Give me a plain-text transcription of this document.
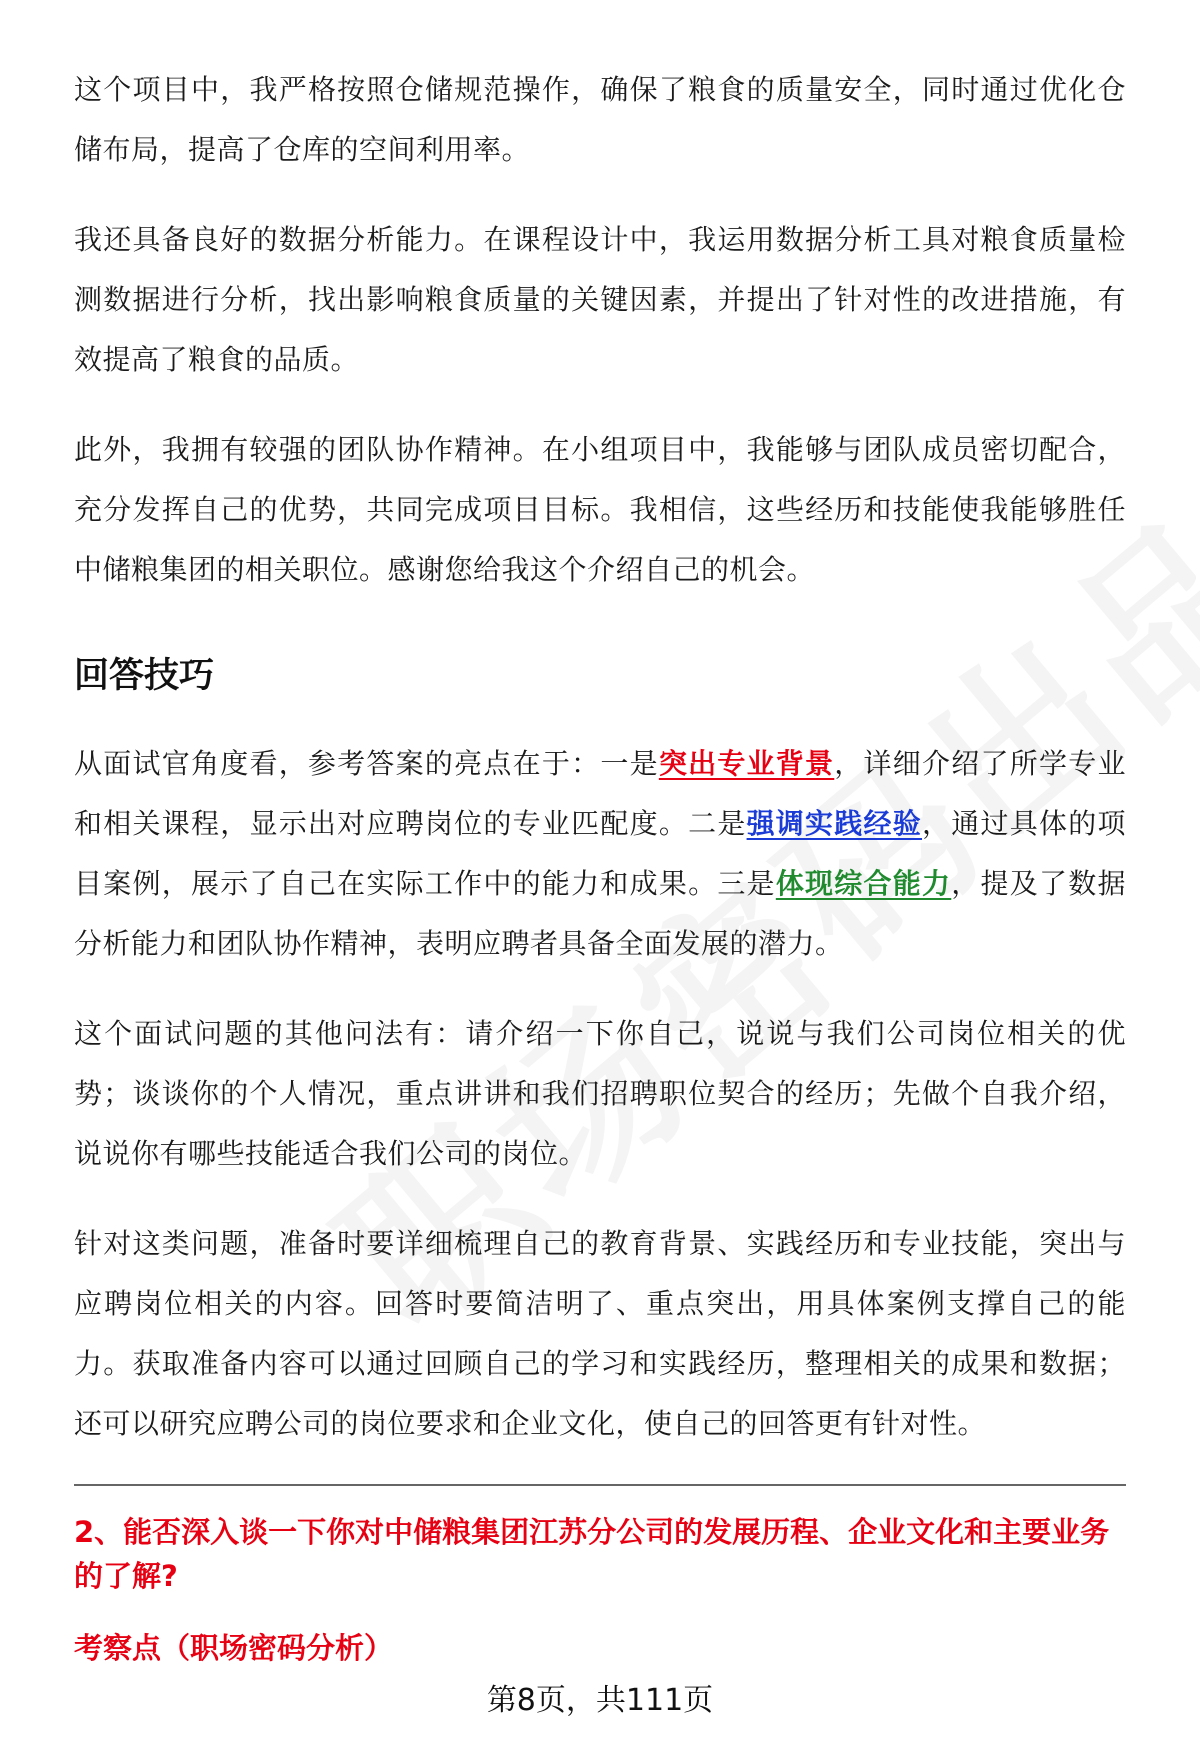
这个项目中，我严格按照仓储规范操作，确保了粮食的质量安全，同时通过优化仓储布局，提高了仓库的空间利用率。

我还具备良好的数据分析能力。在课程设计中，我运用数据分析工具对粮食质量检测数据进行分析，找出影响粮食质量的关键因素，并提出了针对性的改进措施，有效提高了粮食的品质。

此外，我拥有较强的团队协作精神。在小组项目中，我能够与团队成员密切配合，充分发挥自己的优势，共同完成项目目标。我相信，这些经历和技能使我能够胜任中储粮集团的相关职位。感谢您给我这个介绍自己的机会。

回答技巧

从面试官角度看，参考答案的亮点在于：一是突出专业背景，详细介绍了所学专业和相关课程，显示出对应聘岗位的专业匹配度。二是强调实践经验，通过具体的项目案例，展示了自己在实际工作中的能力和成果。三是体现综合能力，提及了数据分析能力和团队协作精神，表明应聘者具备全面发展的潜力。

这个面试问题的其他问法有：请介绍一下你自己，说说与我们公司岗位相关的优势；谈谈你的个人情况，重点讲讲和我们招聘职位契合的经历；先做个自我介绍，说说你有哪些技能适合我们公司的岗位。

针对这类问题，准备时要详细梳理自己的教育背景、实践经历和专业技能，突出与应聘岗位相关的内容。回答时要简洁明了、重点突出，用具体案例支撑自己的能力。获取准备内容可以通过回顾自己的学习和实践经历，整理相关的成果和数据；还可以研究应聘公司的岗位要求和企业文化，使自己的回答更有针对性。

2、能否深入谈一下你对中储粮集团江苏分公司的发展历程、企业文化和主要业务的了解?
考察点（职场密码分析）
第8页，共111页
